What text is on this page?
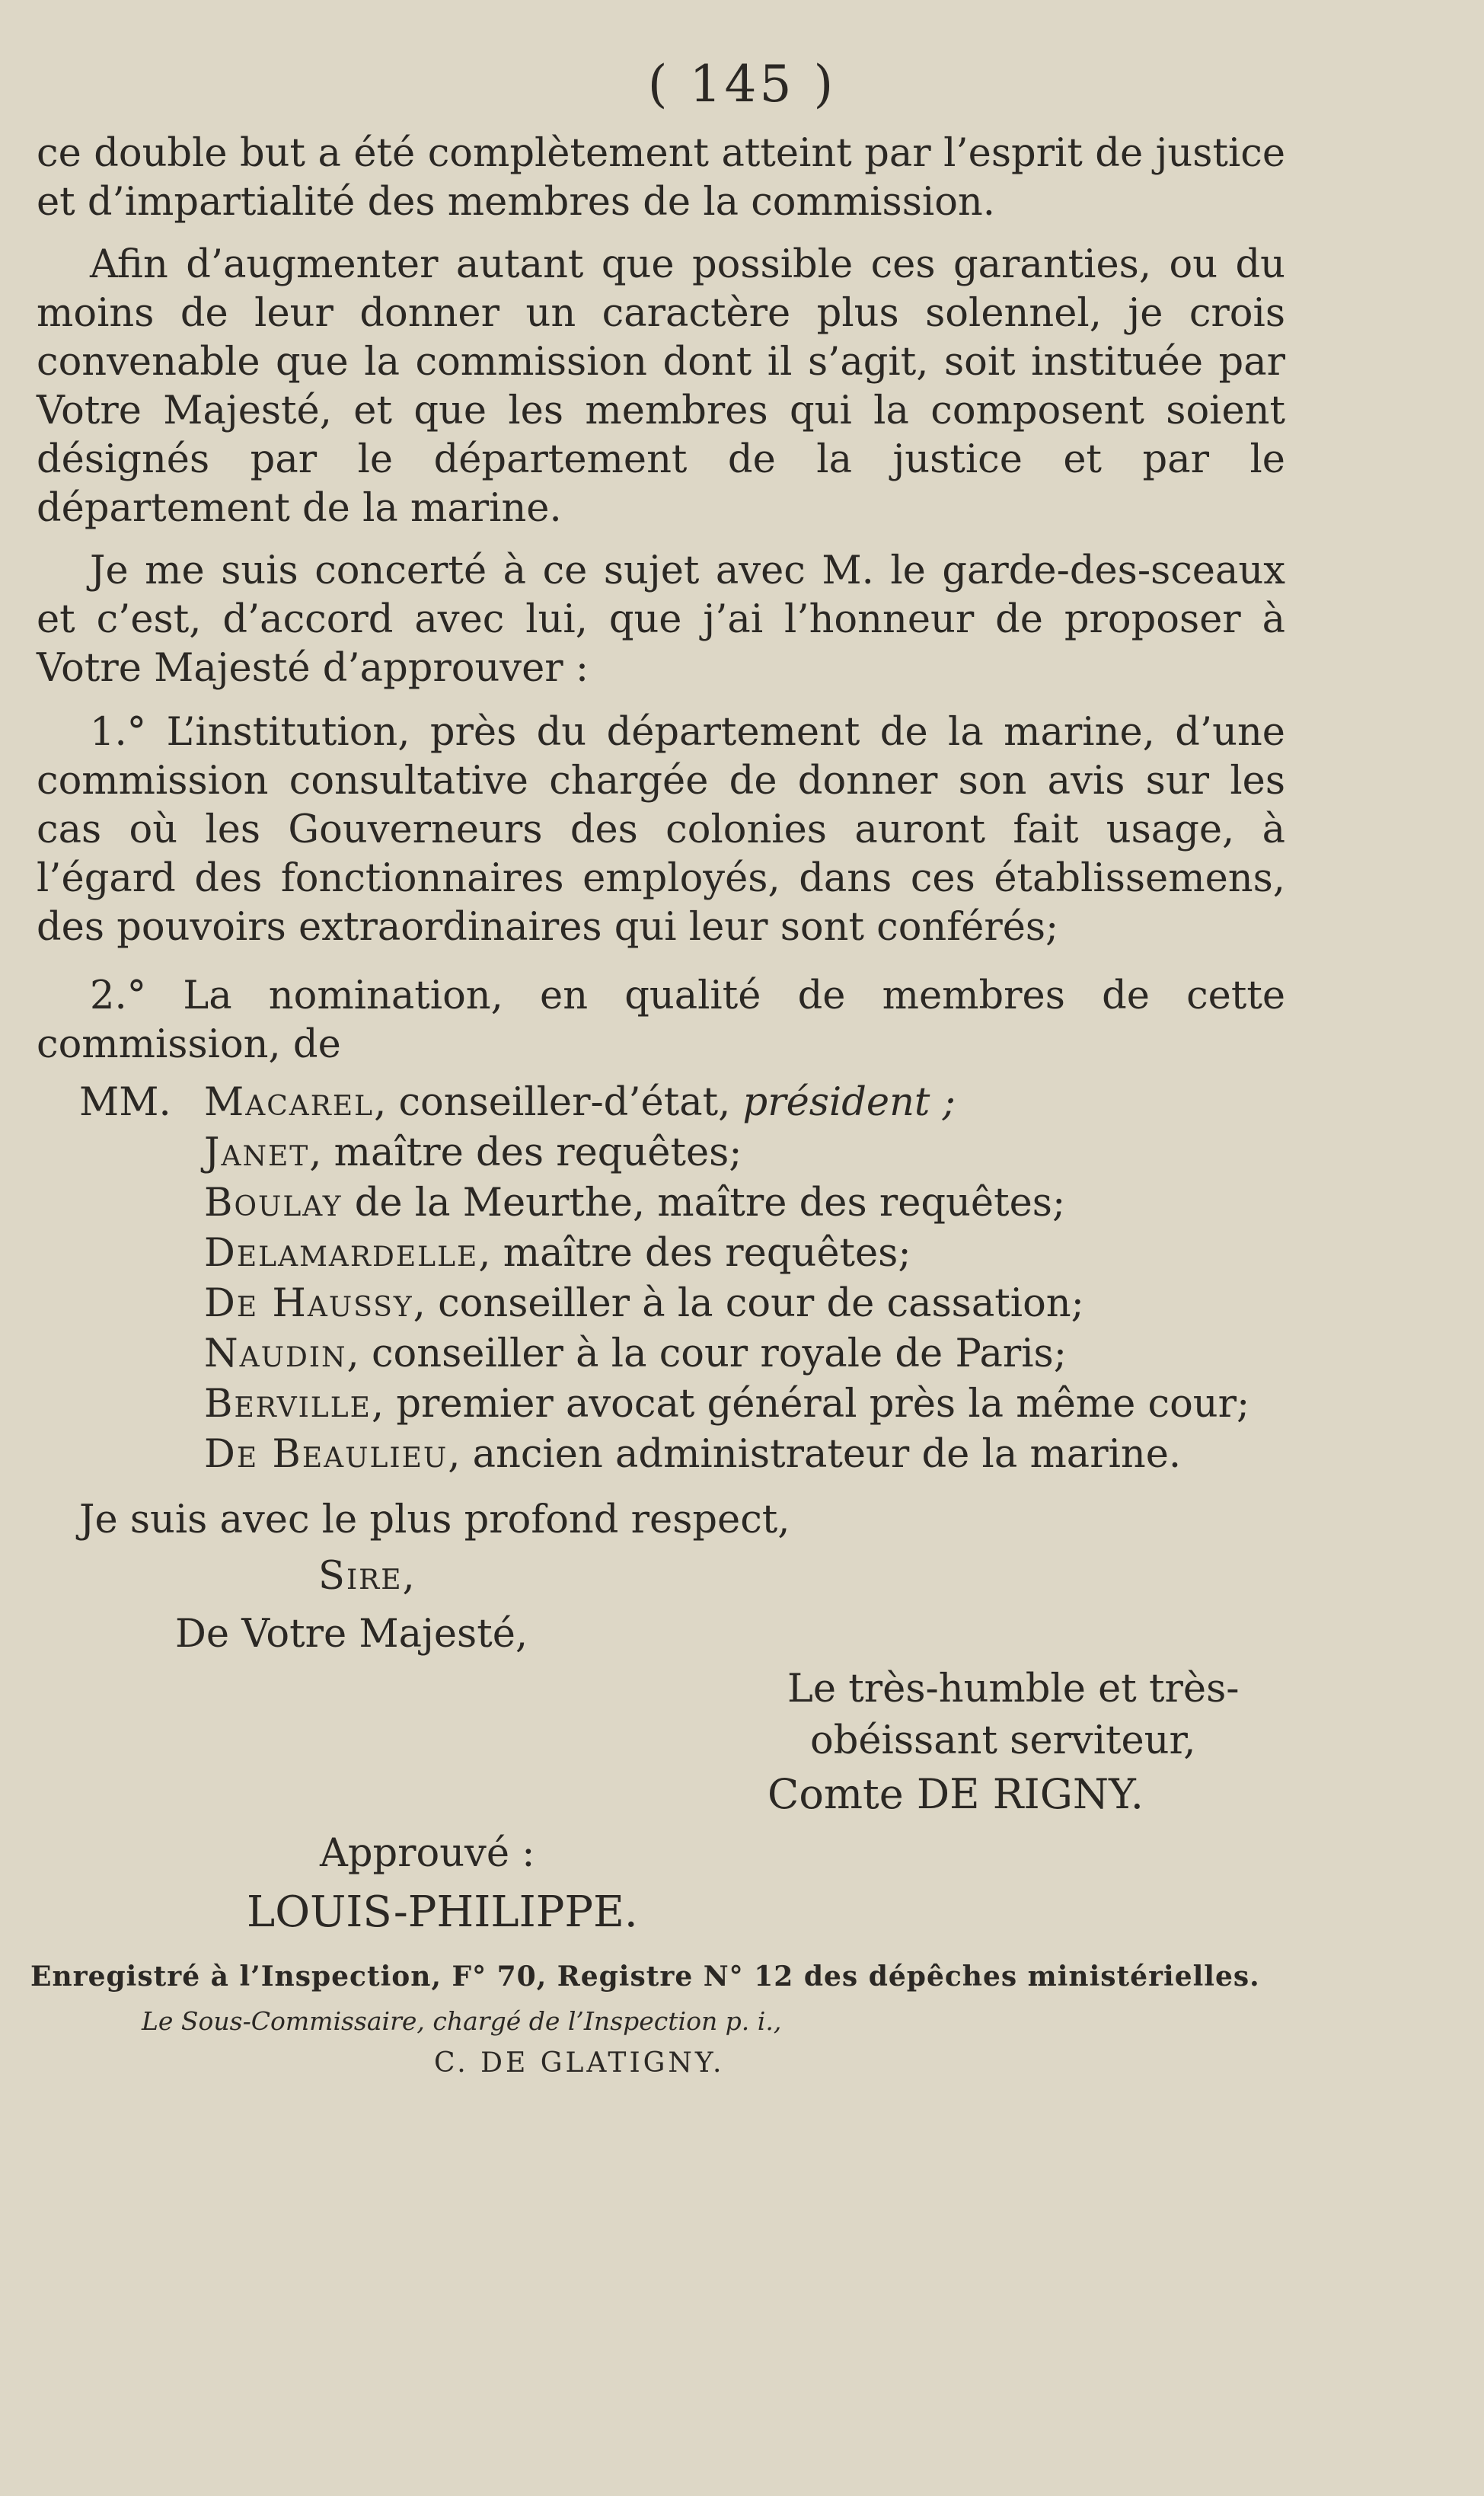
( 145 )

ce double but a été complètement atteint par l’esprit de justice et d’impartialité des membres de la commission.

Afin d’augmenter autant que possible ces garanties, ou du moins de leur donner un caractère plus solennel, je crois convenable que la commission dont il s’agit, soit instituée par Votre Majesté, et que les membres qui la composent soient désignés par le département de la justice et par le département de la marine.

Je me suis concerté à ce sujet avec M. le garde-des-sceaux et c’est, d’accord avec lui, que j’ai l’honneur de proposer à Votre Majesté d’approuver :

1.° L’institution, près du département de la marine, d’une commission consultative chargée de donner son avis sur les cas où les Gouverneurs des colonies auront fait usage, à l’égard des fonctionnaires employés, dans ces établissemens, des pouvoirs extraordinaires qui leur sont conférés;

2.° La nomination, en qualité de membres de cette commission, de

MM. Macarel, conseiller-d’état, président ;
Janet, maître des requêtes;
Boulay de la Meurthe, maître des requêtes;
Delamardelle, maître des requêtes;
De Haussy, conseiller à la cour de cassation;
Naudin, conseiller à la cour royale de Paris;
Berville, premier avocat général près la même cour;
De Beaulieu, ancien administrateur de la marine.
Je suis avec le plus profond respect,
Sire,
De Votre Majesté,
Le très-humble et très-
obéissant serviteur,
Comte DE RIGNY.
Approuvé :
LOUIS-PHILIPPE.
Enregistré à l’Inspection, F° 70, Registre N° 12 des dépêches ministérielles.
Le Sous-Commissaire, chargé de l’Inspection p. i.,
C. DE GLATIGNY.
